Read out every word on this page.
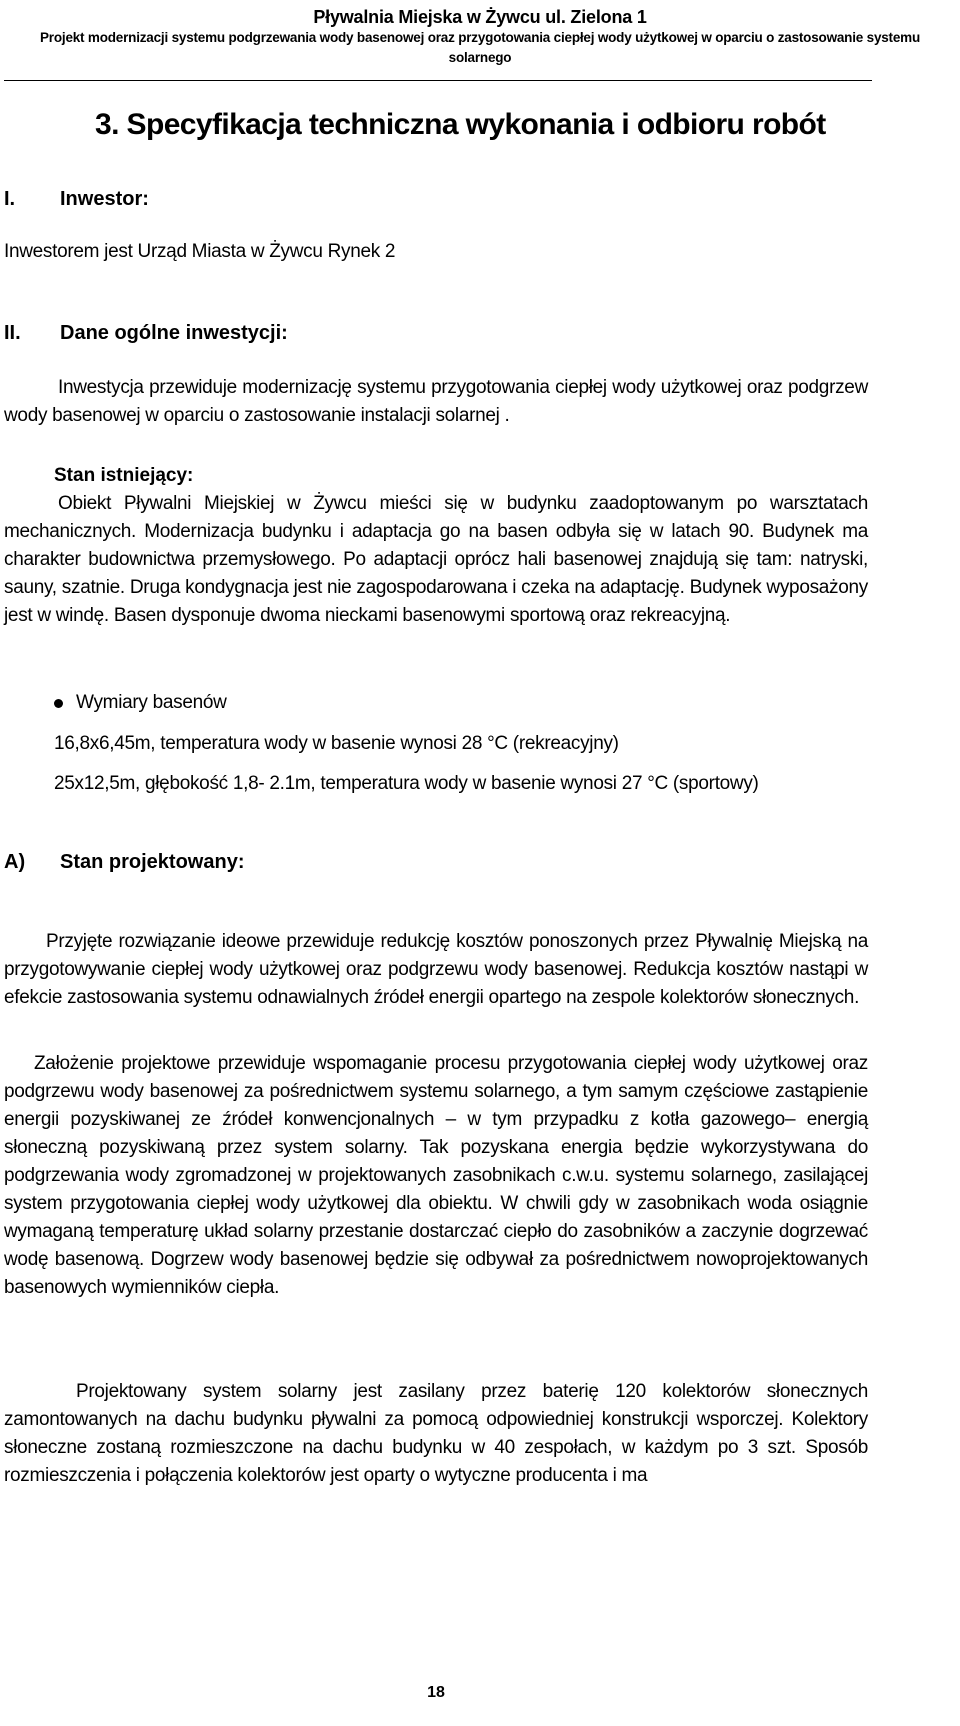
Pływalnia Miejska w Żywcu ul. Zielona 1
Projekt modernizacji systemu podgrzewania wody basenowej oraz przygotowania ciepłej wody użytkowej w oparciu o zastosowanie systemu solarnego
3. Specyfikacja techniczna wykonania i odbioru robót
I. Inwestor:
Inwestorem jest Urząd Miasta w Żywcu Rynek 2
II. Dane ogólne inwestycji:
Inwestycja przewiduje modernizację systemu przygotowania ciepłej wody użytkowej oraz podgrzew wody basenowej w oparciu o zastosowanie instalacji solarnej .
Stan istniejący:
Obiekt Pływalni Miejskiej w Żywcu mieści się w budynku zaadoptowanym po warsztatach mechanicznych. Modernizacja budynku i adaptacja go na basen odbyła się w latach 90. Budynek ma charakter budownictwa przemysłowego. Po adaptacji oprócz hali basenowej znajdują się tam: natryski, sauny, szatnie. Druga kondygnacja jest nie zagospodarowana i czeka na adaptację. Budynek wyposażony jest w windę. Basen dysponuje dwoma nieckami basenowymi sportową oraz rekreacyjną.
Wymiary basenów
16,8x6,45m, temperatura wody w basenie wynosi 28 °C (rekreacyjny)
25x12,5m, głębokość 1,8- 2.1m, temperatura wody w basenie wynosi 27 °C (sportowy)
A) Stan projektowany:
Przyjęte rozwiązanie ideowe przewiduje redukcję kosztów ponoszonych przez Pływalnię Miejską na przygotowywanie ciepłej wody użytkowej oraz podgrzewu wody basenowej. Redukcja kosztów nastąpi w efekcie zastosowania systemu odnawialnych źródeł energii opartego na zespole kolektorów słonecznych.
Założenie projektowe przewiduje wspomaganie procesu przygotowania ciepłej wody użytkowej oraz podgrzewu wody basenowej za pośrednictwem systemu solarnego, a tym samym częściowe zastąpienie energii pozyskiwanej ze źródeł konwencjonalnych – w tym przypadku z kotła gazowego– energią słoneczną pozyskiwaną przez system solarny. Tak pozyskana energia będzie wykorzystywana do podgrzewania wody zgromadzonej w projektowanych zasobnikach c.w.u. systemu solarnego, zasilającej system przygotowania ciepłej wody użytkowej dla obiektu. W chwili gdy w zasobnikach woda osiągnie wymaganą temperaturę układ solarny przestanie dostarczać ciepło do zasobników a zaczynie dogrzewać wodę basenową. Dogrzew wody basenowej będzie się odbywał za pośrednictwem nowoprojektowanych basenowych wymienników ciepła.
Projektowany system solarny jest zasilany przez baterię 120 kolektorów słonecznych zamontowanych na dachu budynku pływalni za pomocą odpowiedniej konstrukcji wsporczej. Kolektory słoneczne zostaną rozmieszczone na dachu budynku w 40 zespołach, w każdym po 3 szt. Sposób rozmieszczenia i połączenia kolektorów jest oparty o wytyczne producenta i ma
18
